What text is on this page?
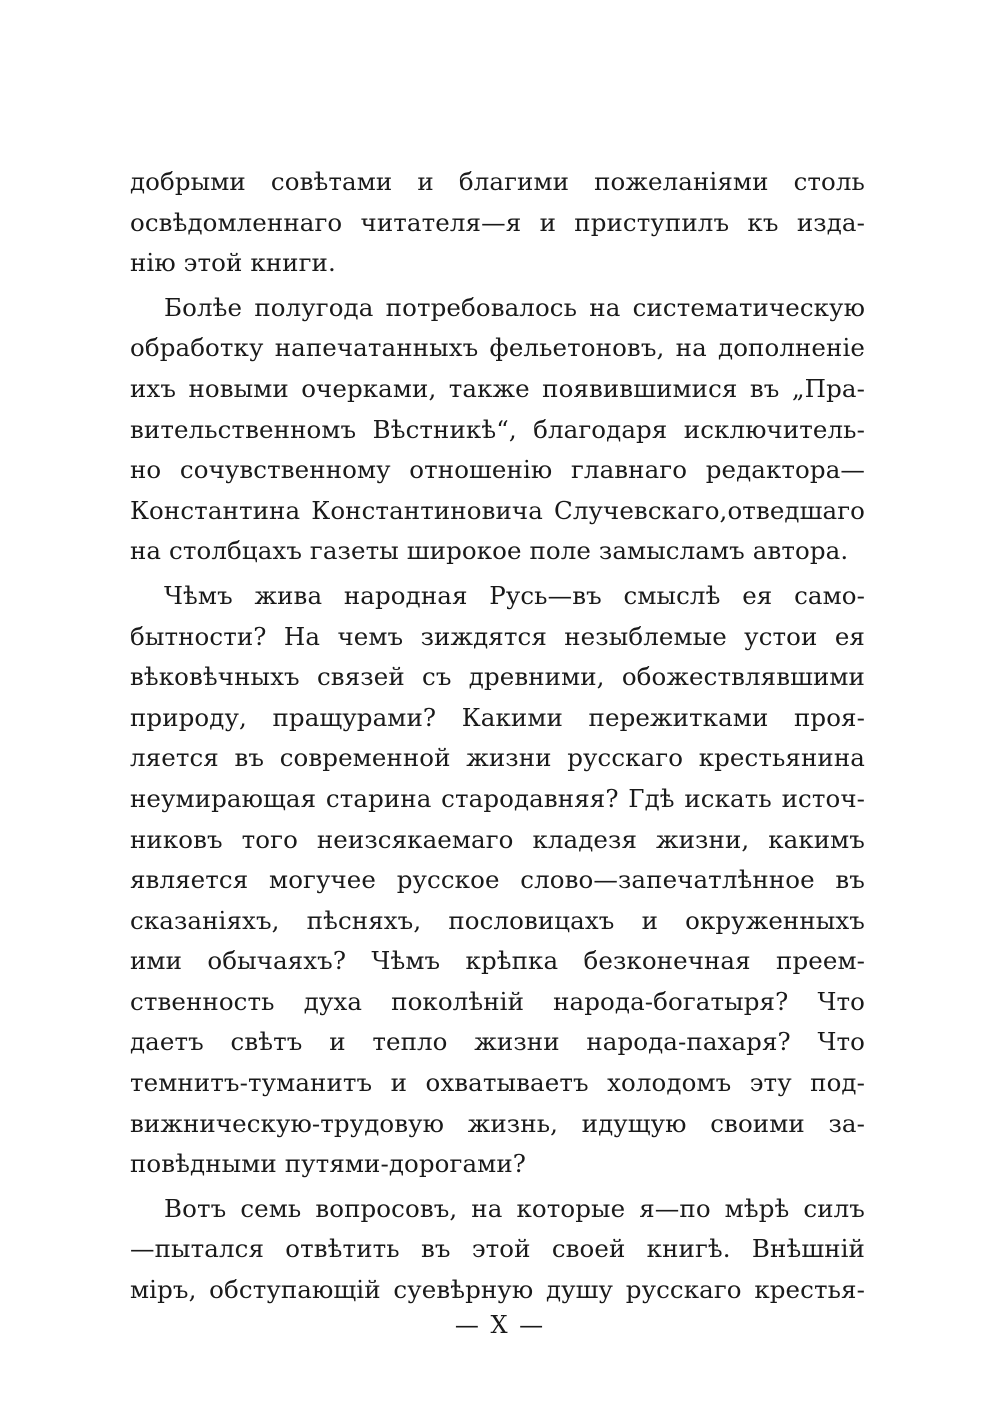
добрыми совѣтами и благими пожеланіями столь
освѣдомленнаго читателя—я и приступилъ къ изда-
нію этой книги.
Болѣе полугода потребовалось на систематическую
обработку напечатанныхъ фельетоновъ, на дополненіе
ихъ новыми очерками, также появившимися въ „Пра-
вительственномъ Вѣстникѣ“, благодаря исключитель-
но сочувственному отношенію главнаго редактора—
Константина Константиновича Случевскаго,отведшаго
на столбцахъ газеты широкое поле замысламъ автора.
Чѣмъ жива народная Русь—въ смыслѣ ея само-
бытности? На чемъ зиждятся незыблемые устои ея
вѣковѣчныхъ связей съ древними, обожествлявшими
природу, пращурами? Какими пережитками проя-
ляется въ современной жизни русскаго крестьянина
неумирающая старина стародавняя? Гдѣ искать источ-
никовъ того неизсякаемаго кладезя жизни, какимъ
является могучее русское слово—запечатлѣнное въ
сказаніяхъ, пѣсняхъ, пословицахъ и окруженныхъ
ими обычаяхъ? Чѣмъ крѣпка безконечная преем-
ственность духа поколѣній народа-богатыря? Что
даетъ свѣтъ и тепло жизни народа-пахаря? Что
темнитъ-туманитъ и охватываетъ холодомъ эту под-
вижническую-трудовую жизнь, идущую своими за-
повѣдными путями-дорогами?
Вотъ семь вопросовъ, на которые я—по мѣрѣ силъ
—пытался отвѣтить въ этой своей книгѣ. Внѣшній
міръ, обступающій суевѣрную душу русскаго крестья-
— X —
